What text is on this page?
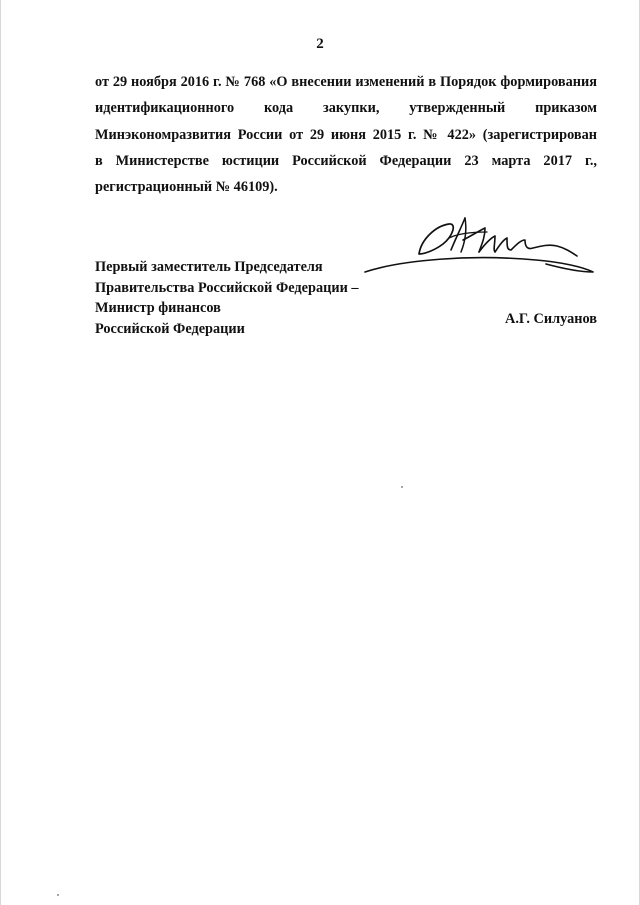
2
от 29 ноября 2016 г. № 768 «О внесении изменений в Порядок формирования
идентификационного кода закупки, утвержденный приказом
Минэкономразвития России от 29 июня 2015 г. № 422» (зарегистрирован
в Министерстве юстиции Российской Федерации 23 марта 2017 г.,
регистрационный № 46109).
Первый заместитель Председателя
Правительства Российской Федерации –
Министр финансов
Российской Федерации
А.Г. Силуанов
